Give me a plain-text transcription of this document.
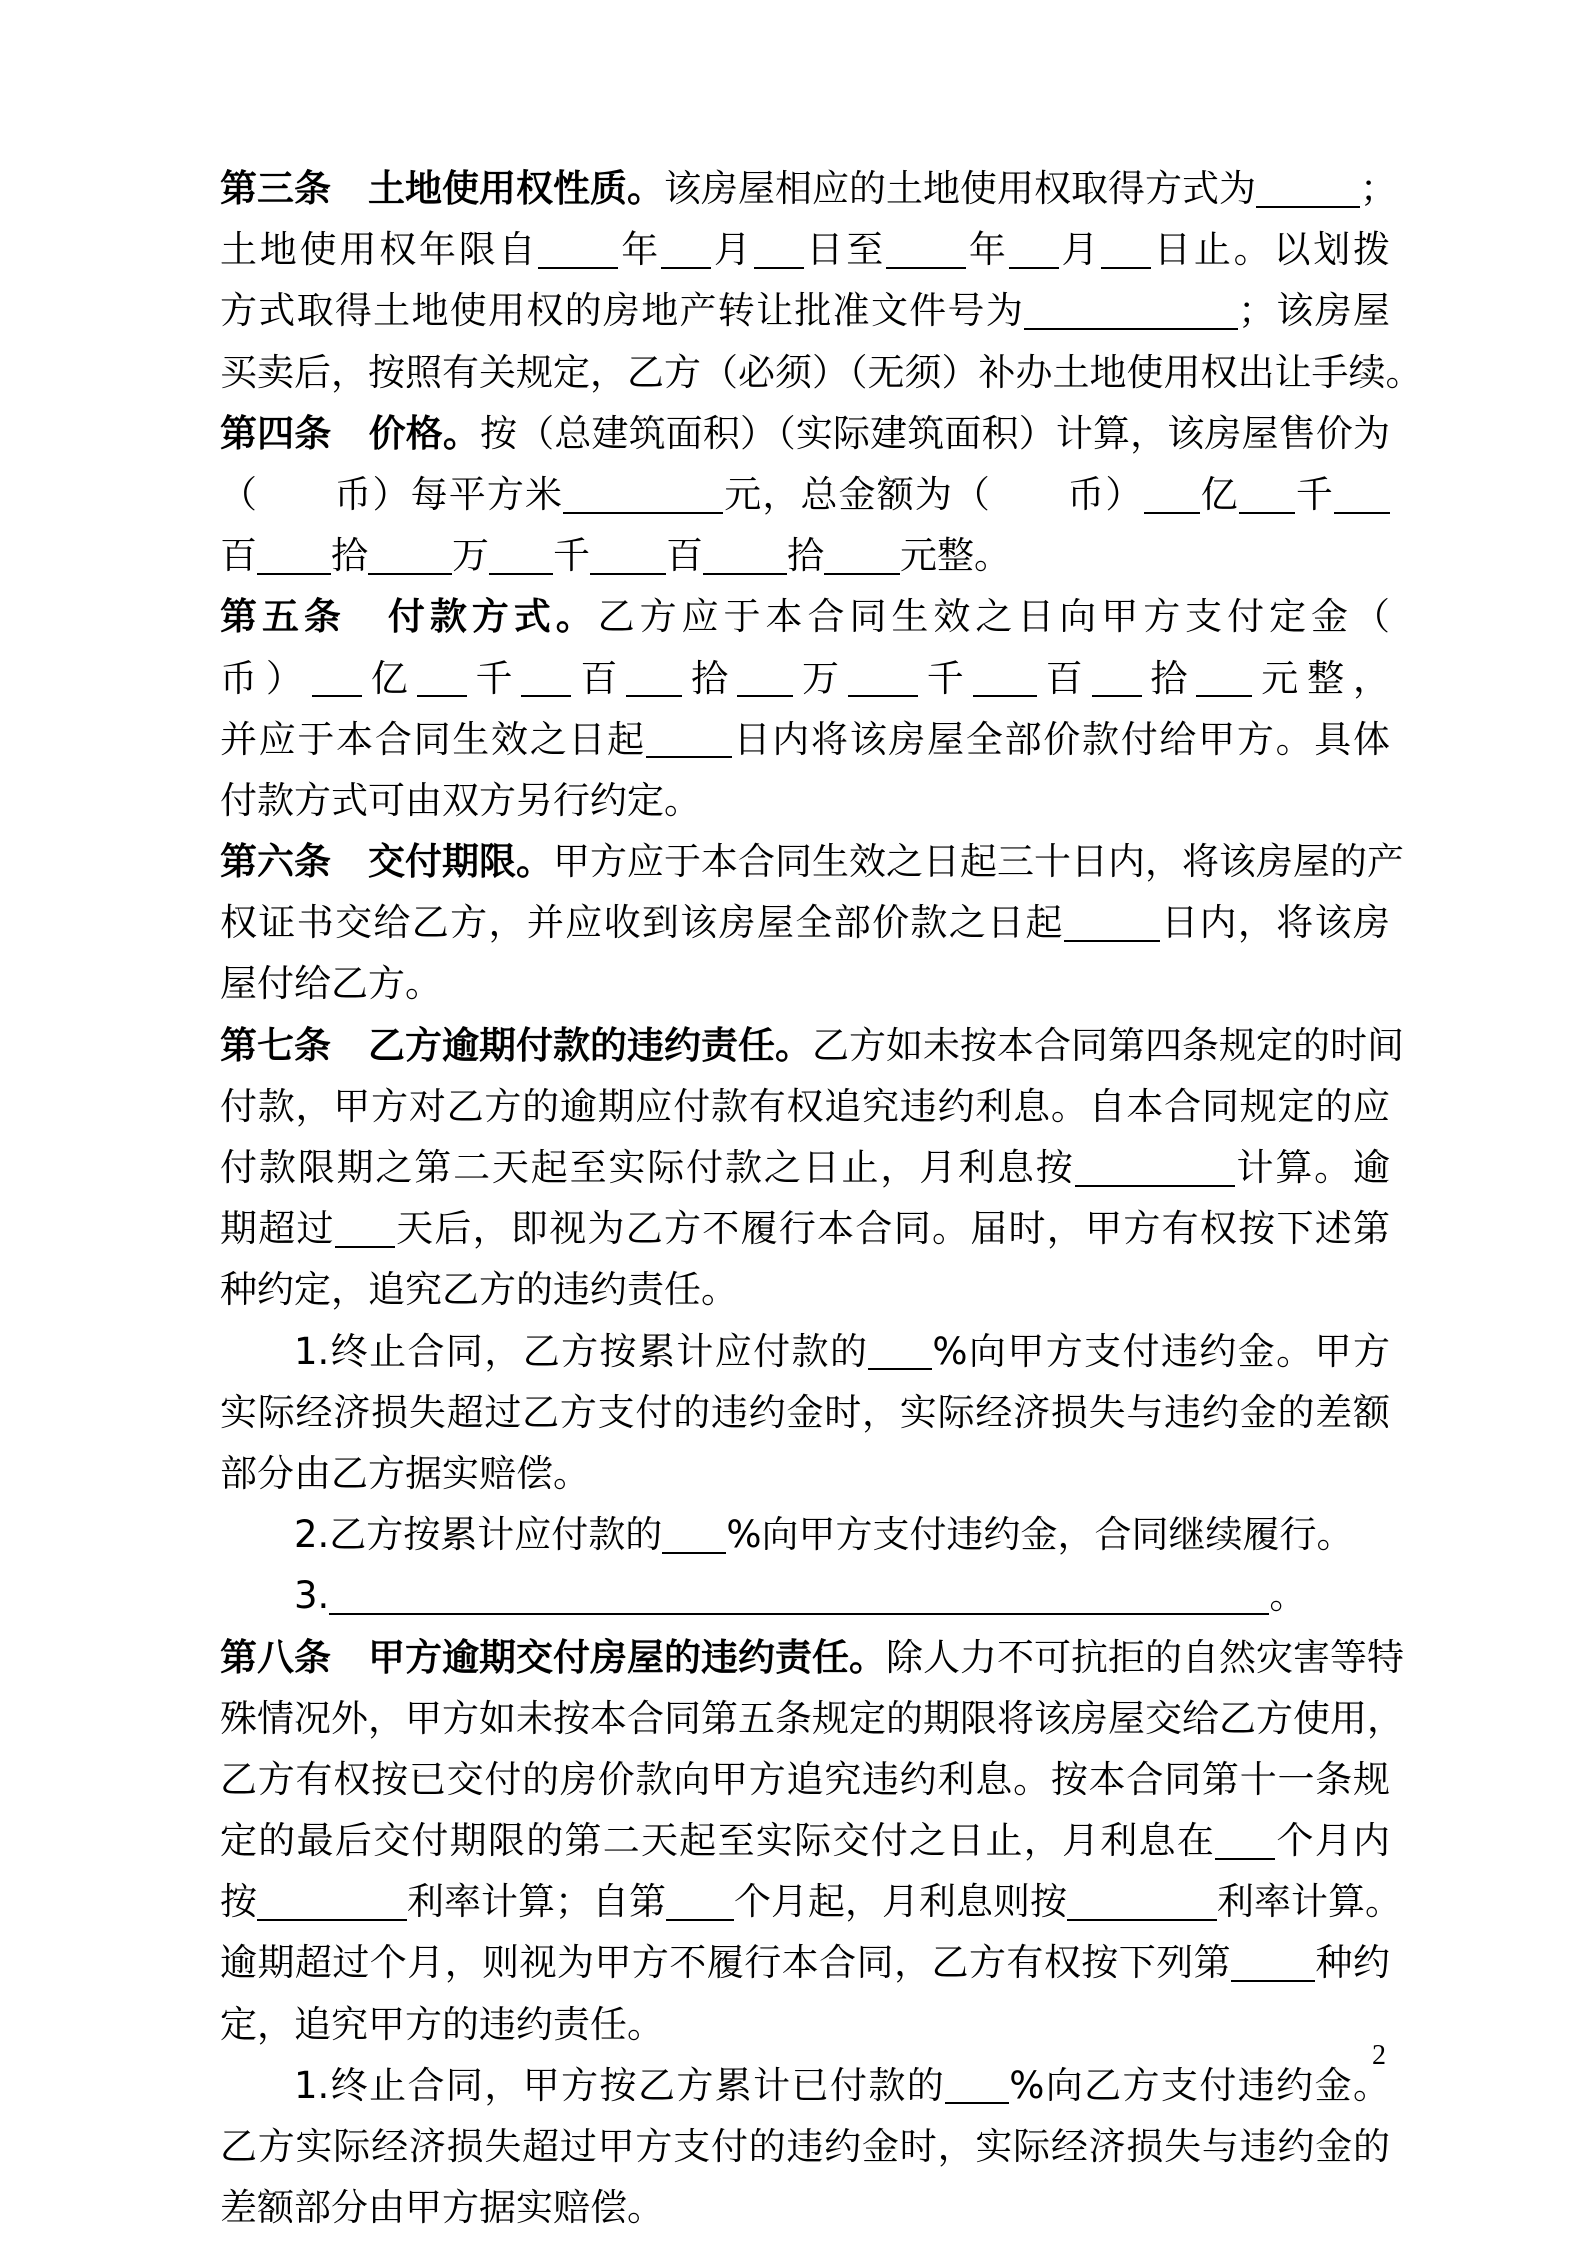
第三条　土地使用权性质。该房屋相应的土地使用权取得方式为	；
土地使用权年限自 年 月 日至 年 月 日止。以划拨
方式取得土地使用权的房地产转让批准文件号为	；该房屋
买卖后，按照有关规定，乙方（必须）（无须）补办土地使用权出让手续。
第四条　价格。按（总建筑面积）（实际建筑面积）计算，该房屋售价为
（　　币）每平方米	元，总金额为（　　币） 亿 千
百 拾 万 千 百 拾 元整。
第五条　付款方式。乙方应于本合同生效之日向甲方支付定金（
币） 亿 千 百 拾 万 千 百 拾 元整，
并应于本合同生效之日起 日内将该房屋全部价款付给甲方。具体
付款方式可由双方另行约定。
第六条　交付期限。甲方应于本合同生效之日起三十日内，将该房屋的产
权证书交给乙方，并应收到该房屋全部价款之日起	日内，将该房
屋付给乙方。
第七条　乙方逾期付款的违约责任。乙方如未按本合同第四条规定的时间
付款，甲方对乙方的逾期应付款有权追究违约利息。自本合同规定的应
付款限期之第二天起至实际付款之日止，月利息按	计算。逾
期超过 天后，即视为乙方不履行本合同。届时，甲方有权按下述第
种约定，追究乙方的违约责任。
1.终止合同，乙方按累计应付款的 %向甲方支付违约金。甲方
实际经济损失超过乙方支付的违约金时，实际经济损失与违约金的差额
部分由乙方据实赔偿。
2.乙方按累计应付款的 %向甲方支付违约金，合同继续履行。
3.	。
第八条　甲方逾期交付房屋的违约责任。除人力不可抗拒的自然灾害等特
殊情况外，甲方如未按本合同第五条规定的期限将该房屋交给乙方使用，
乙方有权按已交付的房价款向甲方追究违约利息。按本合同第十一条规
定的最后交付期限的第二天起至实际交付之日止，月利息在 个月内
按	利率计算；自第 个月起，月利息则按	利率计算。
逾期超过个月，则视为甲方不履行本合同，乙方有权按下列第 种约
定，追究甲方的违约责任。
1.终止合同，甲方按乙方累计已付款的 %向乙方支付违约金。
乙方实际经济损失超过甲方支付的违约金时，实际经济损失与违约金的
差额部分由甲方据实赔偿。
2
